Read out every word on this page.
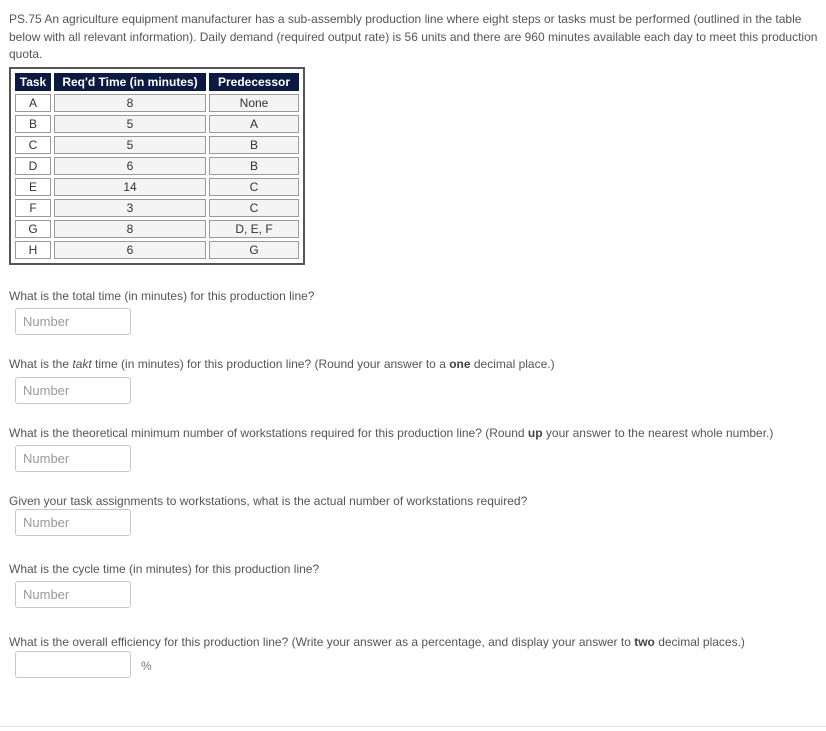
PS.75 An agriculture equipment manufacturer has a sub-assembly production line where eight steps or tasks must be performed (outlined in the table below with all relevant information). Daily demand (required output rate) is 56 units and there are 960 minutes available each day to meet this production quota.
Task	Req'd Time (in minutes)	Predecessor
A	8	None
B	5	A
C	5	B
D	6	B
E	14	C
F	3	C
G	8	D, E, F
H	6	G
What is the total time (in minutes) for this production line?
Number
What is the takt time (in minutes) for this production line? (Round your answer to a one decimal place.)
Number
What is the theoretical minimum number of workstations required for this production line? (Round up your answer to the nearest whole number.)
Number
Given your task assignments to workstations, what is the actual number of workstations required?
Number
What is the cycle time (in minutes) for this production line?
Number
What is the overall efficiency for this production line? (Write your answer as a percentage, and display your answer to two decimal places.)
%
